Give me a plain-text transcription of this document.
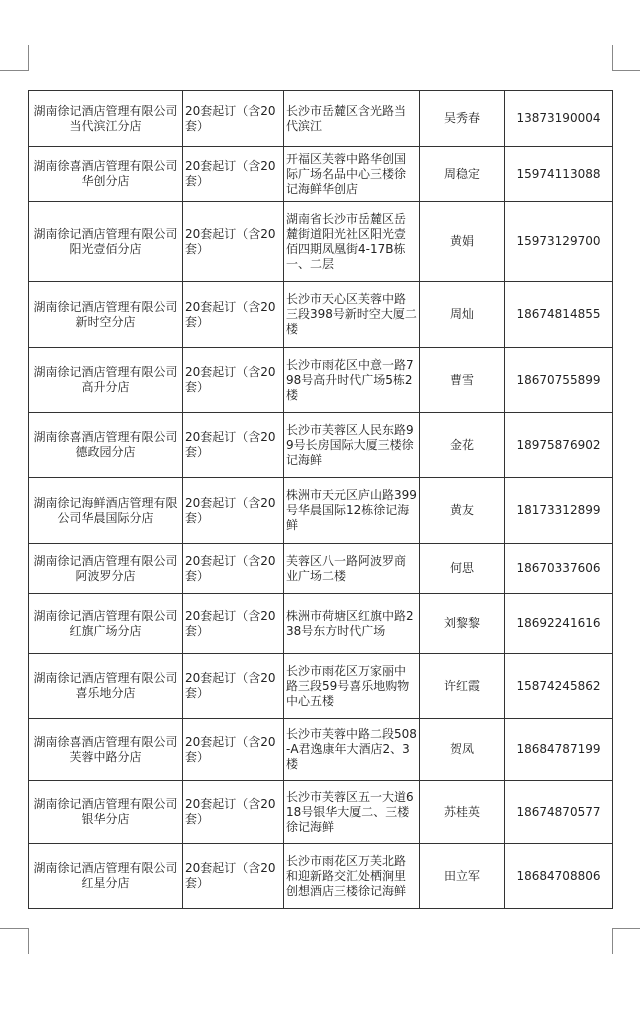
湖南徐记酒店管理有限公司当代滨江分店	20套起订（含20套）	长沙市岳麓区含光路当代滨江	吴秀春	13873190004
湖南徐喜酒店管理有限公司华创分店	20套起订（含20套）	开福区芙蓉中路华创国际广场名品中心三楼徐记海鲜华创店	周稳定	15974113088
湖南徐记酒店管理有限公司阳光壹佰分店	20套起订（含20套）	湖南省长沙市岳麓区岳麓街道阳光社区阳光壹佰四期凤凰街4-17B栋一、二层	黄娟	15973129700
湖南徐记酒店管理有限公司新时空分店	20套起订（含20套）	长沙市天心区芙蓉中路三段398号新时空大厦二楼	周灿	18674814855
湖南徐记酒店管理有限公司高升分店	20套起订（含20套）	长沙市雨花区中意一路798号高升时代广场5栋2楼	曹雪	18670755899
湖南徐喜酒店管理有限公司德政园分店	20套起订（含20套）	长沙市芙蓉区人民东路99号长房国际大厦三楼徐记海鲜	金花	18975876902
湖南徐记海鲜酒店管理有限公司华晨国际分店	20套起订（含20套）	株洲市天元区庐山路399号华晨国际12栋徐记海鲜	黄友	18173312899
湖南徐记酒店管理有限公司阿波罗分店	20套起订（含20套）	芙蓉区八一路阿波罗商业广场二楼	何思	18670337606
湖南徐记酒店管理有限公司红旗广场分店	20套起订（含20套）	株洲市荷塘区红旗中路238号东方时代广场	刘黎黎	18692241616
湖南徐记酒店管理有限公司喜乐地分店	20套起订（含20套）	长沙市雨花区万家丽中路三段59号喜乐地购物中心五楼	许红霞	15874245862
湖南徐喜酒店管理有限公司芙蓉中路分店	20套起订（含20套）	长沙市芙蓉中路二段508-A君逸康年大酒店2、3楼	贺凤	18684787199
湖南徐记酒店管理有限公司银华分店	20套起订（含20套）	长沙市芙蓉区五一大道618号银华大厦二、三楼徐记海鲜	苏桂英	18674870577
湖南徐记酒店管理有限公司红星分店	20套起订（含20套）	长沙市雨花区万芙北路和迎新路交汇处栖涧里创想酒店三楼徐记海鲜	田立军	18684708806
